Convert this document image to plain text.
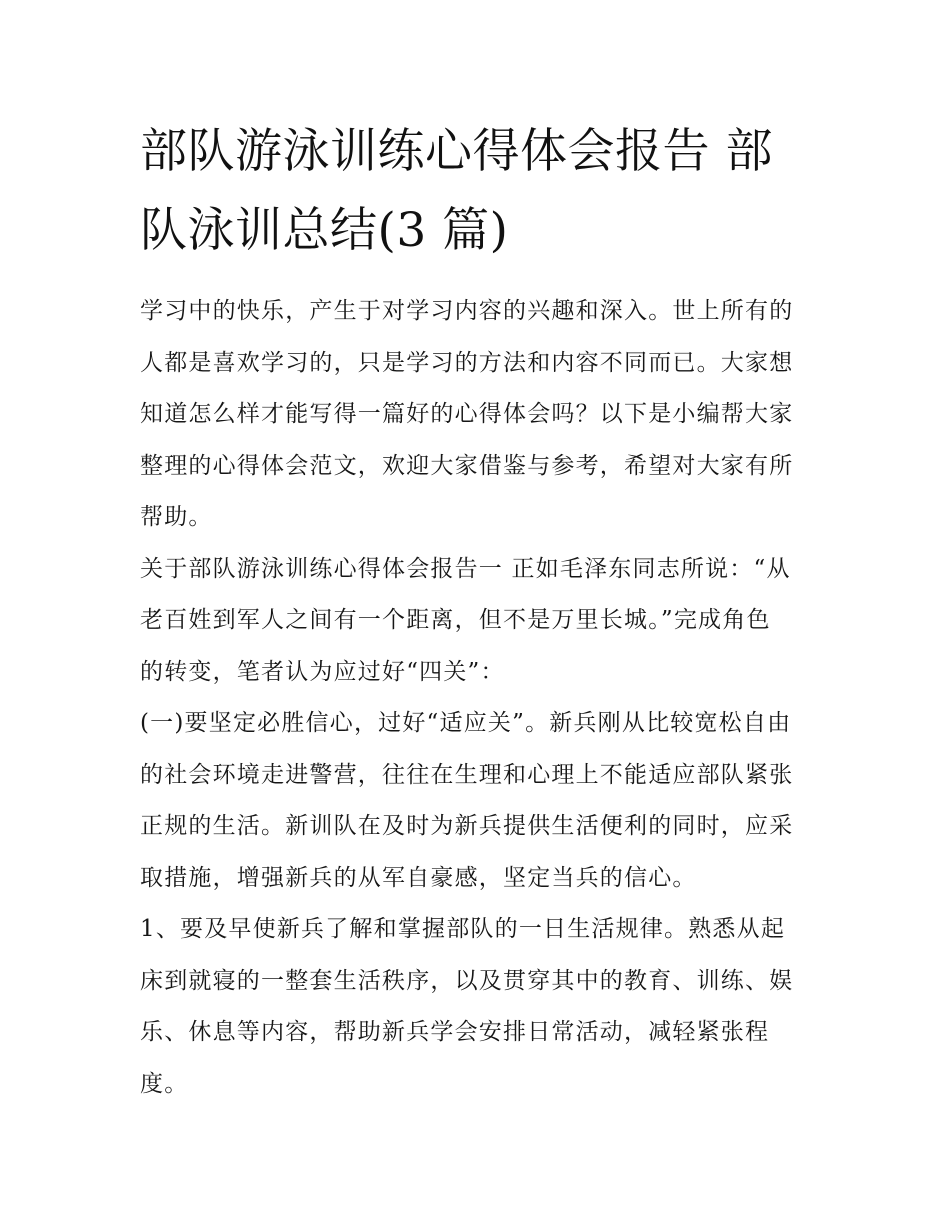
部队游泳训练心得体会报告 部
队泳训总结(3 篇)

学习中的快乐，产生于对学习内容的兴趣和深入。世上所有的
人都是喜欢学习的，只是学习的方法和内容不同而已。大家想
知道怎么样才能写得一篇好的心得体会吗？以下是小编帮大家
整理的心得体会范文，欢迎大家借鉴与参考，希望对大家有所
帮助。

关于部队游泳训练心得体会报告一 正如毛泽东同志所说：“从
老百姓到军人之间有一个距离，但不是万里长城。”完成角色
的转变，笔者认为应过好“四关”：

(一)要坚定必胜信心，过好“适应关”。新兵刚从比较宽松自由
的社会环境走进警营，往往在生理和心理上不能适应部队紧张
正规的生活。新训队在及时为新兵提供生活便利的同时，应采
取措施，增强新兵的从军自豪感，坚定当兵的信心。

1、要及早使新兵了解和掌握部队的一日生活规律。熟悉从起
床到就寝的一整套生活秩序，以及贯穿其中的教育、训练、娱
乐、休息等内容，帮助新兵学会安排日常活动，减轻紧张程
度。
